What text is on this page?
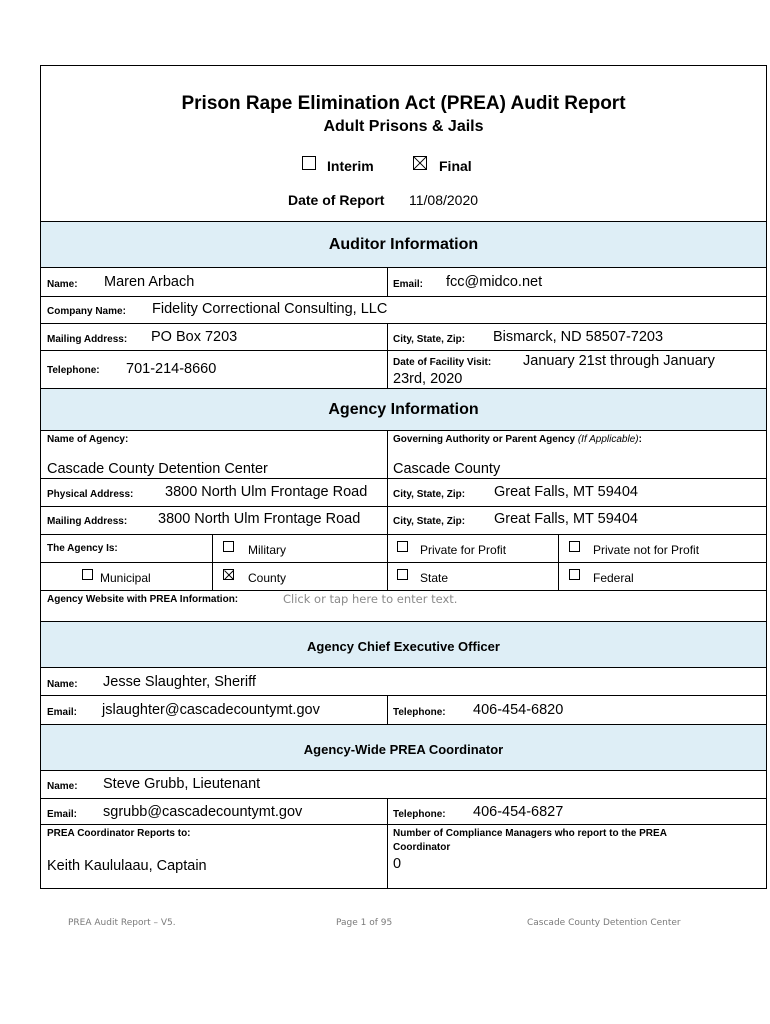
Prison Rape Elimination Act (PREA) Audit Report
Adult Prisons & Jails
Interim	Final
Date of Report 11/08/2020
Auditor Information
Name: Maren Arbach	Email: fcc@midco.net
Company Name: Fidelity Correctional Consulting, LLC
Mailing Address: PO Box 7203	City, State, Zip: Bismarck, ND 58507-7203
Telephone: 701-214-8660	Date of Facility Visit: January 21st through January
23rd, 2020
Agency Information
Name of Agency:
Cascade County Detention Center
Governing Authority or Parent Agency (If Applicable):
Cascade County
Physical Address: 3800 North Ulm Frontage Road	City, State, Zip: Great Falls, MT 59404
Mailing Address: 3800 North Ulm Frontage Road	City, State, Zip: Great Falls, MT 59404
The Agency Is:	Military	Private for Profit	Private not for Profit
Municipal	County	State	Federal
Agency Website with PREA Information:	Click or tap here to enter text.
Agency Chief Executive Officer
Name: Jesse Slaughter, Sheriff
Email: jslaughter@cascadecountymt.gov	Telephone: 406-454-6820
Agency-Wide PREA Coordinator
Name: Steve Grubb, Lieutenant
Email: sgrubb@cascadecountymt.gov	Telephone: 406-454-6827
PREA Coordinator Reports to:
Keith Kaululaau, Captain
Number of Compliance Managers who report to the PREA
Coordinator
0
PREA Audit Report – V5.	Page 1 of 95	Cascade County Detention Center
